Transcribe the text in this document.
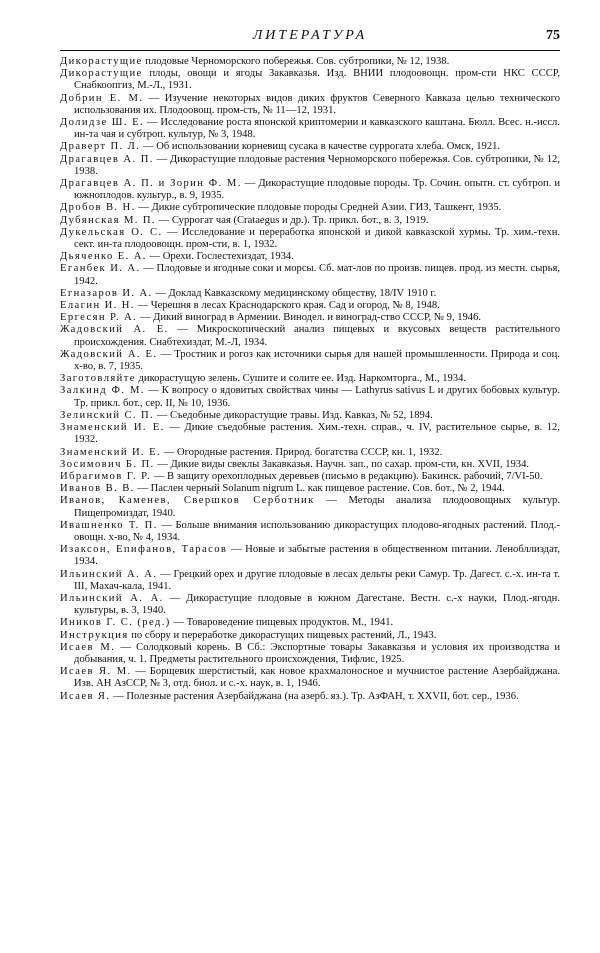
ЛИТЕРАТУРА	75
Дикорастущие плодовые Черноморского побережья. Сов. субтропики, № 12, 1938.
Дикорастущие плоды, овощи и ягоды Закавказья. Изд. ВНИИ плодоовощн. пром-сти НКС СССР, Снабкоопгиз, М.-Л., 1931.
Добрин Е. М. — Изучение некоторых видов диких фруктов Северного Кавказа целью технического использования их. Плодоовощ. пром-сть, № 11—12, 1931.
Долидзе Ш. Е. — Исследование роста японской криптомерии и кавказского каштана. Бюлл. Всес. н.-иссл. ин-та чая и субтроп. культур, № 3, 1948.
Драверт П. Л. — Об использовании корневищ сусака в качестве суррогата хлеба. Омск, 1921.
Драгавцев А. П. — Дикорастущие плодовые растения Черноморского побережья. Сов. субтропики, № 12, 1938.
Драгавцев А. П. и Зорин Ф. М. — Дикорастущие плодовые породы. Тр. Сочин. опытн. ст. субтроп. и южноплодов. культур., в. 9, 1935.
Дробов В. Н. — Дикие субтропические плодовые породы Средней Азии. ГИЗ, Ташкент, 1935.
Дубянская М. П. — Суррогат чая (Crataegus и др.). Тр. прикл. бот., в. 3, 1919.
Дукельская О. С. — Исследование и переработка японской и дикой кавказской хурмы. Тр. хим.-техн. сект. ин-та плодоовощн. пром-сти, в. 1, 1932.
Дьяченко Е. А. — Орехи. Гослестехиздат, 1934.
Еганбек И. А. — Плодовые и ягодные соки и морсы. Сб. мат-лов по произв. пищев. прод. из местн. сырья, 1942.
Егназаров И. А. — Доклад Кавказскому медицинскому обществу, 18/IV 1910 г.
Елагин И. Н. — Черешня в лесах Краснодарского края. Сад и огород, № 8, 1948.
Ергесян Р. А. — Дикий виноград в Армении. Винодел. и виноград-ство СССР, № 9, 1946.
Жадовский А. Е. — Микроскопический анализ пищевых и вкусовых веществ растительного происхождения. Снабтехиздат, М.-Л, 1934.
Жадовский А. Е. — Тростник и рогоз как источники сырья для нашей промышленности. Природа и соц. х-во, в. 7, 1935.
Заготовляйте дикорастущую зелень. Сушите и солите ее. Изд. Наркомторга., М., 1934.
Залкинд Ф. М. — К вопросу о ядовитых свойствах чины — Lathyrus sativus L и других бобовых культур. Тр. прикл. бот., сер. II, № 10, 1936.
Зелинский С. П. — Съедобные дикорастущие травы. Изд. Кавказ, № 52, 1894.
Знаменский И. Е. — Дикие съедобные растения. Хим.-техн. справ., ч. IV, растительное сырье, в. 12, 1932.
Знаменский И. Е. — Огородные растения. Природ. богатства СССР, кн. 1, 1932.
Зосимович Б. П. — Дикие виды свеклы Закавказья. Научн. зап., по сахар. пром-сти, кн. XVII, 1934.
Ибрагимов Г. Р. — В защиту орехоплодных деревьев (письмо в редакцию). Бакинск. рабочий, 7/VI-50.
Иванов В. В. — Паслен черный Solanum nigrum L. как пищевое растение. Сов. бот., № 2, 1944.
Иванов, Каменев, Свершков Серботник — Методы анализа плодоовощных культур. Пищепромиздат, 1940.
Ивашненко Т. П. — Больше внимания использованию дикорастущих плодово-ягодных растений. Плод.-овощн. х-во, № 4, 1934.
Изаксон, Епифанов, Тарасов — Новые и забытые растения в общественном питании. Ленобллиздат, 1934.
Ильинский А. А. — Грецкий орех и другие плодовые в лесах дельты реки Самур. Тр. Дагест. с.-х. ин-та т. III, Махач-кала, 1941.
Ильинский А. А. — Дикорастущие плодовые в южном Дагестане. Вестн. с.-х науки, Плод.-ягодн. культуры, в. 3, 1940.
Иников Г. С. (ред.) — Товароведение пищевых продуктов. М., 1941.
Инструкция по сбору и переработке дикорастущих пищевых растений, Л., 1943.
Исаев М. — Солодковый корень. В Сб.: Экспортные товары Закавказья и условия их производства и добывания, ч. 1. Предметы растительного происхождения, Тифлис, 1925.
Исаев Я. М. — Борщевик шерстистый, как новое крахмалоносное и мучнистое растение Азербайджана. Изв. АН АзССР, № 3, отд. биол. и с.-х. наук, в. 1, 1946.
Исаев Я. — Полезные растения Азербайджана (на азерб. яз.). Тр. АзФАН, т. XXVII, бот. сер., 1936.
